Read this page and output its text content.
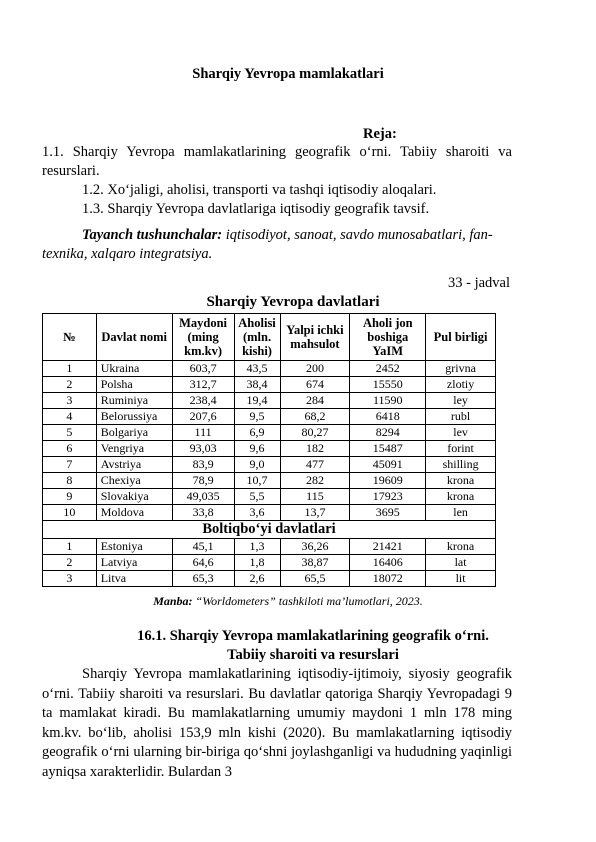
Sharqiy Yevropa mamlakatlari
Reja:
1.1. Sharqiy Yevropa mamlakatlarining geografik o‘rni. Tabiiy sharoiti va resurslari.
1.2. Xo‘jaligi, aholisi, transporti va tashqi iqtisodiy aloqalari.
1.3. Sharqiy Yevropa davlatlariga iqtisodiy geografik tavsif.
Tayanch tushunchalar: iqtisodiyot, sanoat, savdo munosabatlari, fan-texnika, xalqaro integratsiya.
33 - jadval
Sharqiy Yevropa davlatlari
№	Davlat nomi	Maydoni (ming km.kv)	Aholisi (mln. kishi)	Yalpi ichki mahsulot	Aholi jon boshiga YaIM	Pul birligi
1	Ukraina	603,7	43,5	200	2452	grivna
2	Polsha	312,7	38,4	674	15550	zlotiy
3	Ruminiya	238,4	19,4	284	11590	ley
4	Belorussiya	207,6	9,5	68,2	6418	rubl
5	Bolgariya	111	6,9	80,27	8294	lev
6	Vengriya	93,03	9,6	182	15487	forint
7	Avstriya	83,9	9,0	477	45091	shilling
8	Chexiya	78,9	10,7	282	19609	krona
9	Slovakiya	49,035	5,5	115	17923	krona
10	Moldova	33,8	3,6	13,7	3695	len
Boltiqbo‘yi davlatlari						
1	Estoniya	45,1	1,3	36,26	21421	krona
2	Latviya	64,6	1,8	38,87	16406	lat
3	Litva	65,3	2,6	65,5	18072	lit
Manba: “Worldometers” tashkiloti ma’lumotlari, 2023.
16.1. Sharqiy Yevropa mamlakatlarining geografik o‘rni.
Tabiiy sharoiti va resurslari
Sharqiy Yevropa mamlakatlarining iqtisodiy-ijtimoiy, siyosiy geografik o‘rni. Tabiiy sharoiti va resurslari. Bu davlatlar qatoriga Sharqiy Yevropadagi 9 ta mamlakat kiradi. Bu mamlakatlarning umumiy maydoni 1 mln 178 ming km.kv. bo‘lib, aholisi 153,9 mln kishi (2020). Bu mamlakatlarning iqtisodiy geografik o‘rni ularning bir-biriga qo‘shni joylashganligi va hududning yaqinligi ayniqsa xarakterlidir. Bulardan 3
